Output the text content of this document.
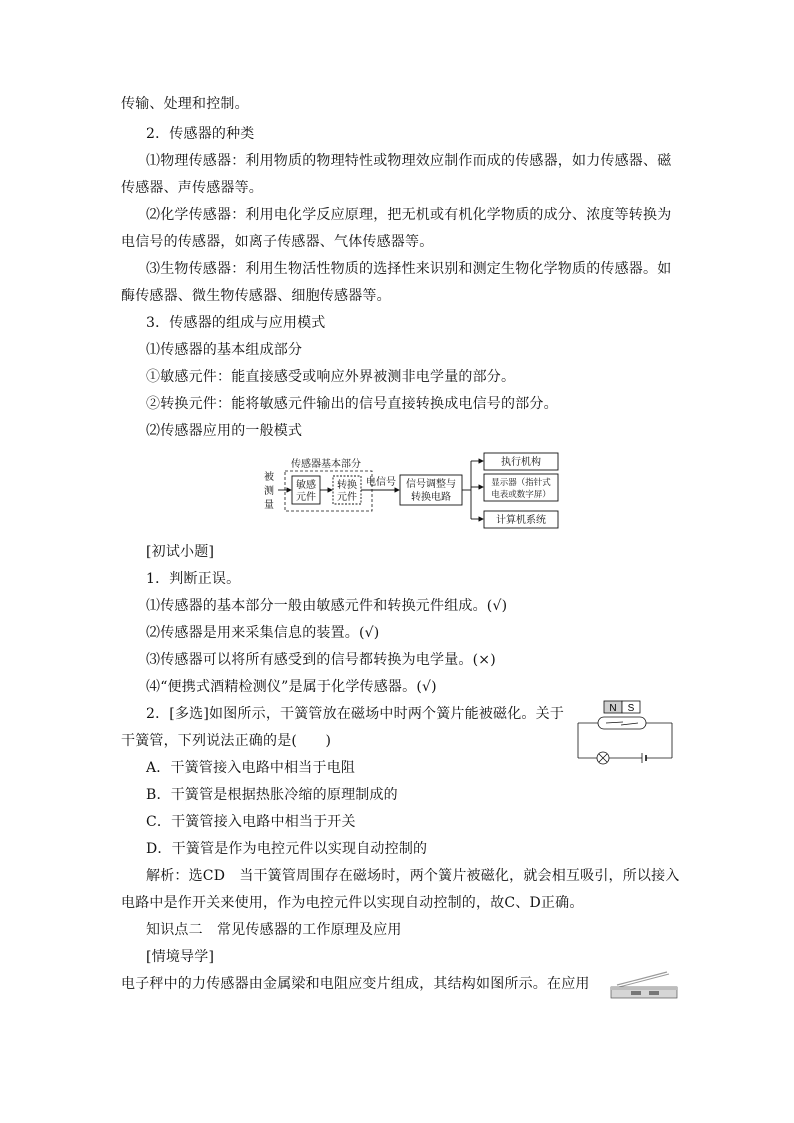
传输、处理和控制。
2．传感器的种类
⑴物理传感器：利用物质的物理特性或物理效应制作而成的传感器，如力传感器、磁
传感器、声传感器等。
⑵化学传感器：利用电化学反应原理，把无机或有机化学物质的成分、浓度等转换为
电信号的传感器，如离子传感器、气体传感器等。
⑶生物传感器：利用生物活性物质的选择性来识别和测定生物化学物质的传感器。如
酶传感器、微生物传感器、细胞传感器等。
3．传感器的组成与应用模式
⑴传感器的基本组成部分
①敏感元件：能直接感受或响应外界被测非电学量的部分。
②转换元件：能将敏感元件输出的信号直接转换成电信号的部分。
⑵传感器应用的一般模式
被
测
量
传感器基本部分
敏感
元件
转换
元件
电信号 信号调整与
转换电路
执行机构
显示器（指针式
电表或数字屏）
计算机系统
[初试小题]
1．判断正误。
⑴传感器的基本部分一般由敏感元件和转换元件组成。(√)
⑵传感器是用来采集信息的装置。(√)
⑶传感器可以将所有感受到的信号都转换为电学量。(×)
⑷“便携式酒精检测仪”是属于化学传感器。(√)
2．[多选]如图所示，干簧管放在磁场中时两个簧片能被磁化。关于
干簧管，下列说法正确的是(　　)
N S
A．干簧管接入电路中相当于电阻
B．干簧管是根据热胀冷缩的原理制成的
C．干簧管接入电路中相当于开关
D．干簧管是作为电控元件以实现自动控制的
解析：选CD　当干簧管周围存在磁场时，两个簧片被磁化，就会相互吸引，所以接入
电路中是作开关来使用，作为电控元件以实现自动控制的，故C、D正确。
知识点二　常见传感器的工作原理及应用
[情境导学]
电子秤中的力传感器由金属梁和电阻应变片组成，其结构如图所示。在应用
